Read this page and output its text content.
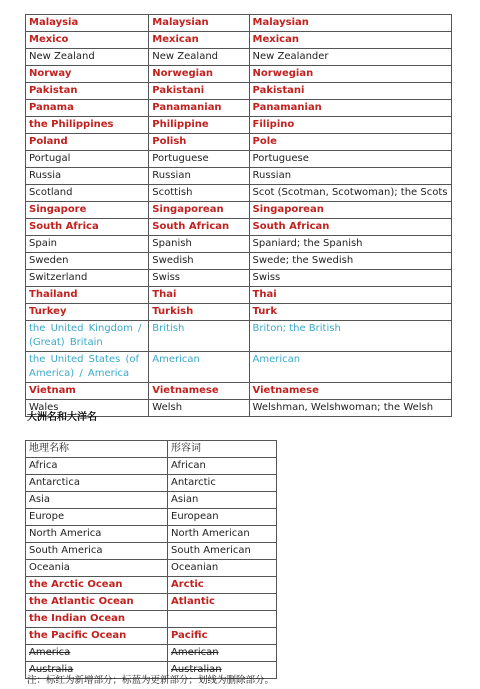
Malaysia	Malaysian	Malaysian
Mexico	Mexican	Mexican
New Zealand	New Zealand	New Zealander
Norway	Norwegian	Norwegian
Pakistan	Pakistani	Pakistani
Panama	Panamanian	Panamanian
the Philippines	Philippine	Filipino
Poland	Polish	Pole
Portugal	Portuguese	Portuguese
Russia	Russian	Russian
Scotland	Scottish	Scot (Scotman, Scotwoman); the Scots
Singapore	Singaporean	Singaporean
South Africa	South African	South African
Spain	Spanish	Spaniard; the Spanish
Sweden	Swedish	Swede; the Swedish
Switzerland	Swiss	Swiss
Thailand	Thai	Thai
Turkey	Turkish	Turk
the United Kingdom / (Great) Britain	British	Briton; the British
the United States (of America) / America	American	American
Vietnam	Vietnamese	Vietnamese
Wales	Welsh	Welshman, Welshwoman; the Welsh
大洲名和大洋名
地理名称	形容词
Africa	African
Antarctica	Antarctic
Asia	Asian
Europe	European
North America	North American
South America	South American
Oceania	Oceanian
the Arctic Ocean	Arctic
the Atlantic Ocean	Atlantic
the Indian Ocean	
the Pacific Ocean	Pacific
America	American
Australia	Australian
注：标红为新增部分；标蓝为更新部分；划线为删除部分。
